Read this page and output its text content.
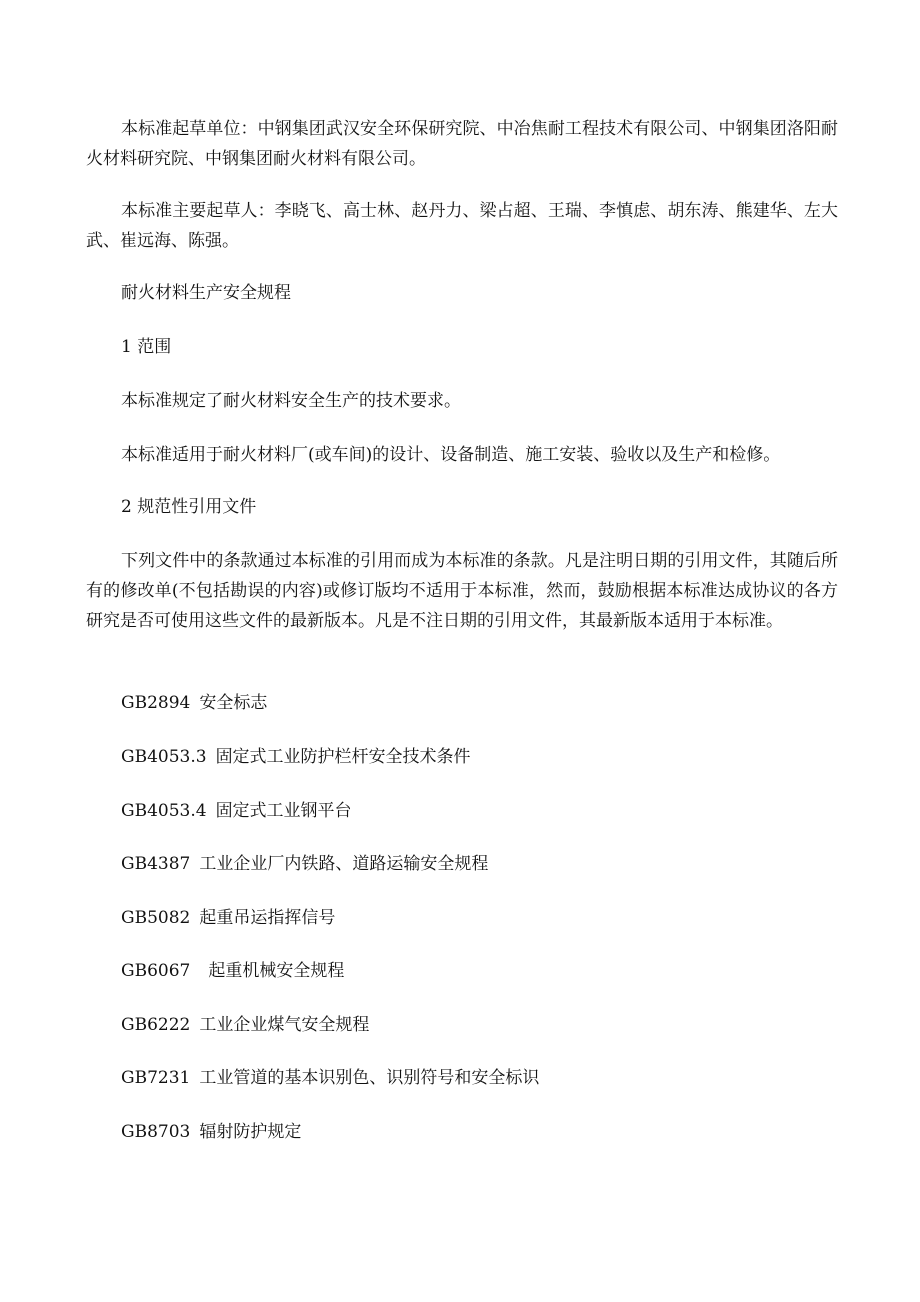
本标准起草单位：中钢集团武汉安全环保研究院、中冶焦耐工程技术有限公司、中钢集团洛阳耐火材料研究院、中钢集团耐火材料有限公司。

本标准主要起草人：李晓飞、高士林、赵丹力、梁占超、王瑞、李慎虑、胡东涛、熊建华、左大武、崔远海、陈强。

耐火材料生产安全规程
1 范围
本标准规定了耐火材料安全生产的技术要求。
本标准适用于耐火材料厂(或车间)的设计、设备制造、施工安装、验收以及生产和检修。
2 规范性引用文件

下列文件中的条款通过本标准的引用而成为本标准的条款。凡是注明日期的引用文件，其随后所有的修改单(不包括勘误的内容)或修订版均不适用于本标准，然而，鼓励根据本标准达成协议的各方研究是否可使用这些文件的最新版本。凡是不注日期的引用文件，其最新版本适用于本标准。

GB2894 安全标志
GB4053.3 固定式工业防护栏杆安全技术条件
GB4053.4 固定式工业钢平台
GB4387 工业企业厂内铁路、道路运输安全规程
GB5082 起重吊运指挥信号
GB6067 起重机械安全规程
GB6222 工业企业煤气安全规程
GB7231 工业管道的基本识别色、识别符号和安全标识
GB8703 辐射防护规定
